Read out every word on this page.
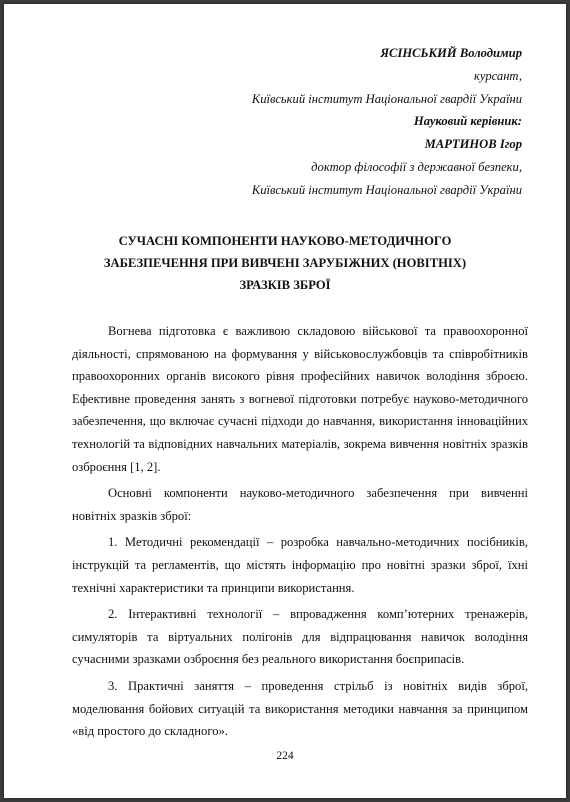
ЯСІНСЬКИЙ Володимир
курсант,
Київський інститут Національної гвардії України
Науковий керівник:
МАРТИНОВ Ігор
доктор філософії з державної безпеки,
Київський інститут Національної гвардії України
СУЧАСНІ КОМПОНЕНТИ НАУКОВО-МЕТОДИЧНОГО
ЗАБЕЗПЕЧЕННЯ ПРИ ВИВЧЕНІ ЗАРУБІЖНИХ (НОВІТНІХ)
ЗРАЗКІВ ЗБРОЇ

Вогнева підготовка є важливою складовою військової та правоохоронної діяльності, спрямованою на формування у військовослужбовців та співробітників правоохоронних органів високого рівня професійних навичок володіння зброєю. Ефективне проведення занять з вогневої підготовки потребує науково-методичного забезпечення, що включає сучасні підходи до навчання, використання інноваційних технологій та відповідних навчальних матеріалів, зокрема вивчення новітніх зразків озброєння [1, 2].

Основні компоненти науково-методичного забезпечення при вивченні новітніх зразків зброї:

1. Методичні рекомендації – розробка навчально-методичних посібників, інструкцій та регламентів, що містять інформацію про новітні зразки зброї, їхні технічні характеристики та принципи використання.

2. Інтерактивні технології – впровадження комп’ютерних тренажерів, симуляторів та віртуальних полігонів для відпрацювання навичок володіння сучасними зразками озброєння без реального використання боєприпасів.

3. Практичні заняття – проведення стрільб із новітніх видів зброї, моделювання бойових ситуацій та використання методики навчання за принципом «від простого до складного».

224
